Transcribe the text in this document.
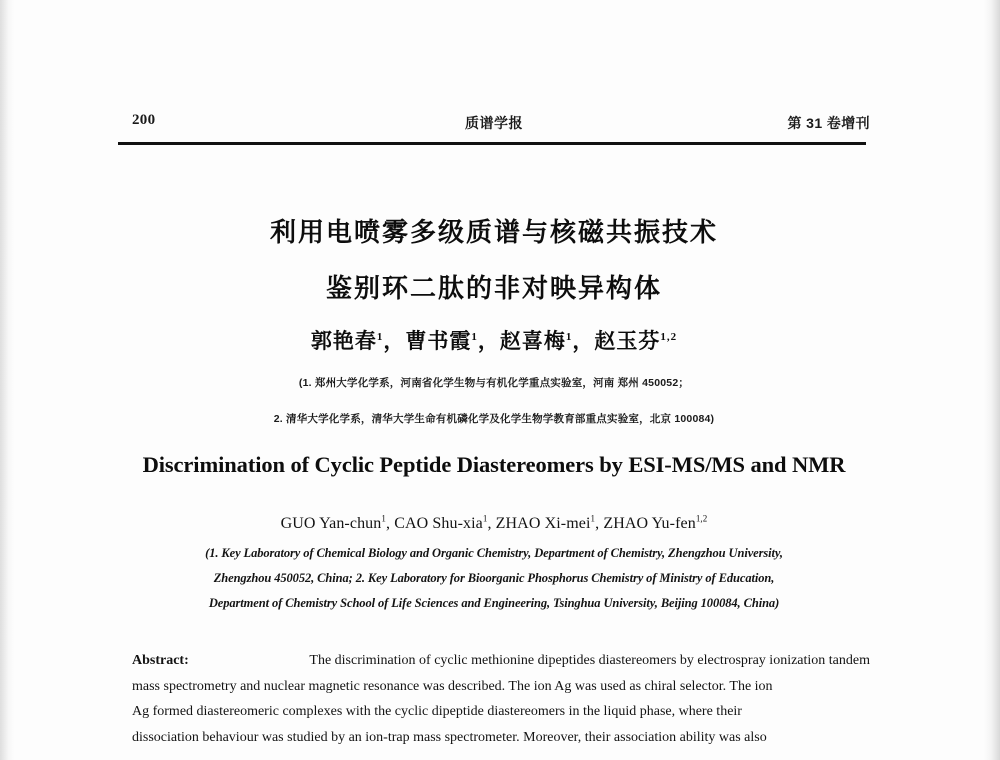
200	质谱学报	第 31 卷增刊
利用电喷雾多级质谱与核磁共振技术
鉴别环二肽的非对映异构体
郭艳春$^1$，曹书霞$^1$，赵喜梅$^1$，赵玉芬$^{1,2}$
(1. 郑州大学化学系，河南省化学生物与有机化学重点实验室，河南 郑州 450052；
2. 清华大学化学系，清华大学生命有机磷化学及化学生物学教育部重点实验室，北京 100084)
Discrimination of Cyclic Peptide Diastereomers by ESI-MS/MS and NMR
GUO Yan-chun$^1$, CAO Shu-xia$^1$, ZHAO Xi-mei$^1$, ZHAO Yu-fen$^{1,2}$
(1. Key Laboratory of Chemical Biology and Organic Chemistry, Department of Chemistry, Zhengzhou University,
Zhengzhou 450052, China; 2. Key Laboratory for Bioorganic Phosphorus Chemistry of Ministry of Education,
Department of Chemistry School of Life Sciences and Engineering, Tsinghua University, Beijing 100084, China)
Abstract:	The discrimination of cyclic methionine dipeptides diastereomers by electrospray ionization tandem
mass spectrometry and nuclear magnetic resonance was described. The ion Ag was used as chiral selector. The ion
Ag formed diastereomeric complexes with the cyclic dipeptide diastereomers in the liquid phase, where their
dissociation behaviour was studied by an ion-trap mass spectrometer. Moreover, their association ability was also
